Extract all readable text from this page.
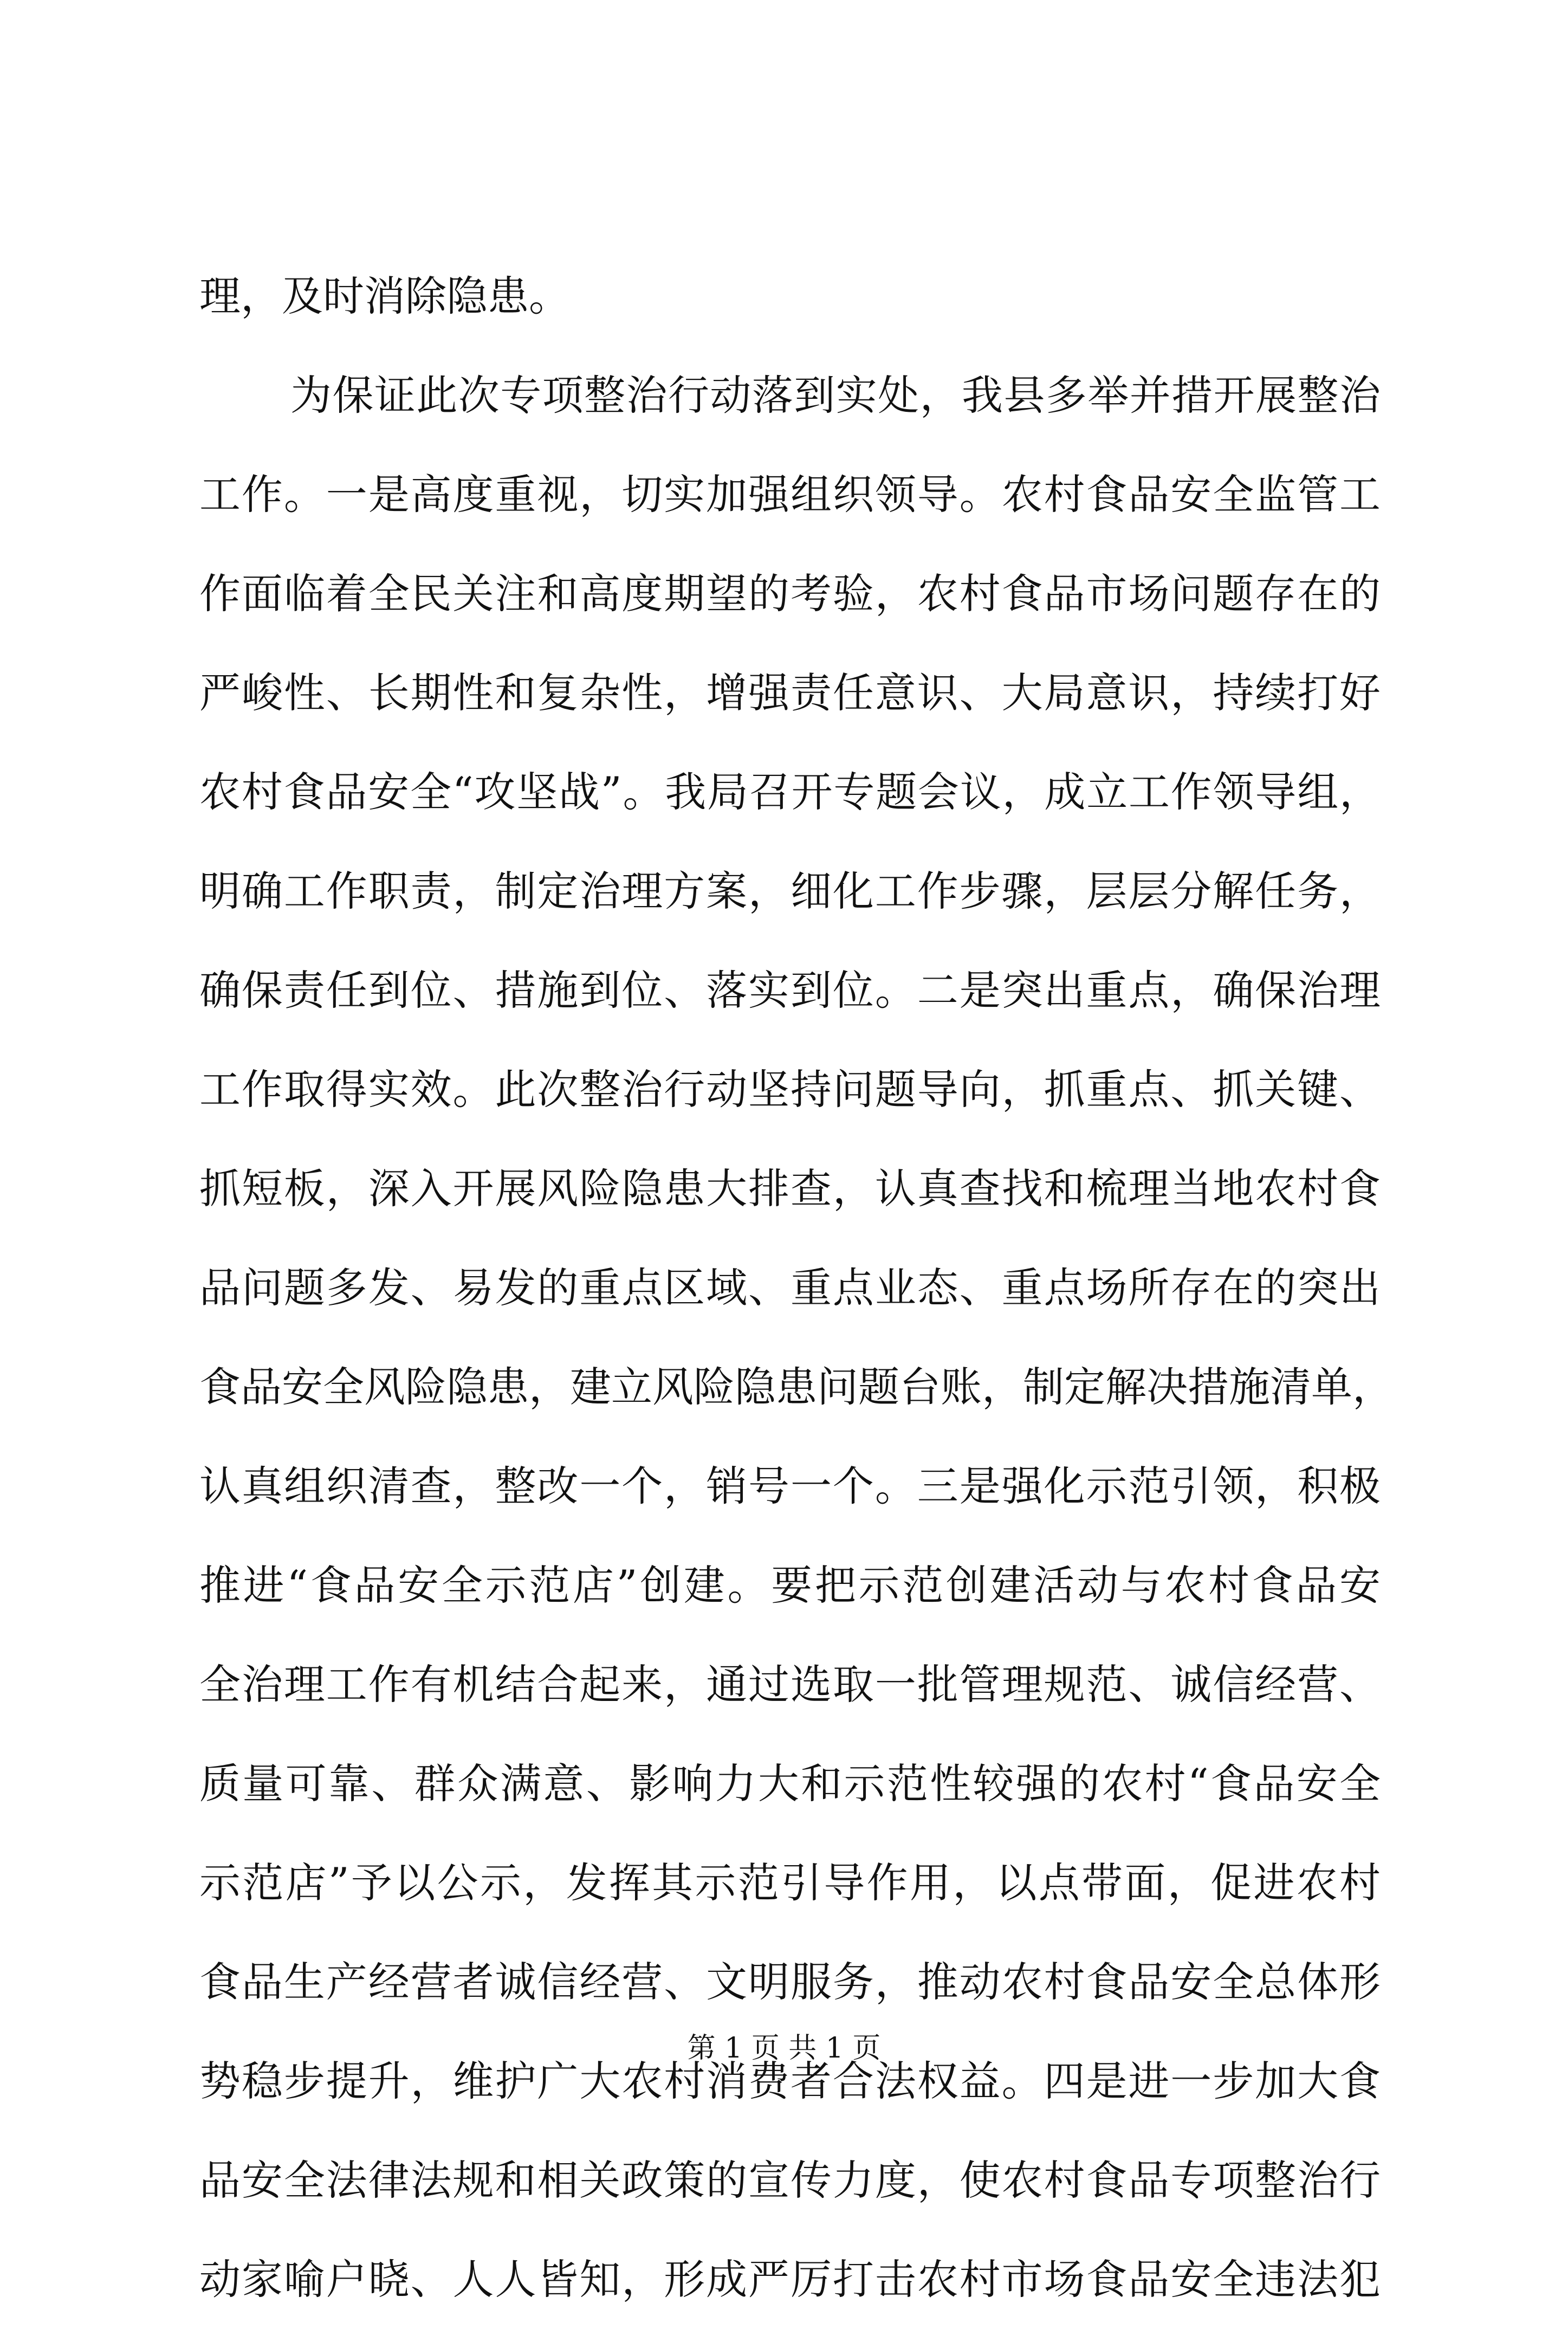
理，及时消除隐患。
为保证此次专项整治行动落到实处，我县多举并措开展整治
工作。一是高度重视，切实加强组织领导。农村食品安全监管工
作面临着全民关注和高度期望的考验，农村食品市场问题存在的
严峻性、长期性和复杂性，增强责任意识、大局意识，持续打好
农村食品安全“攻坚战”。我局召开专题会议，成立工作领导组，
明确工作职责，制定治理方案，细化工作步骤，层层分解任务，
确保责任到位、措施到位、落实到位。二是突出重点，确保治理
工作取得实效。此次整治行动坚持问题导向，抓重点、抓关键、
抓短板，深入开展风险隐患大排查，认真查找和梳理当地农村食
品问题多发、易发的重点区域、重点业态、重点场所存在的突出
食品安全风险隐患，建立风险隐患问题台账，制定解决措施清单，
认真组织清查，整改一个，销号一个。三是强化示范引领，积极
推进“食品安全示范店”创建。要把示范创建活动与农村食品安
全治理工作有机结合起来，通过选取一批管理规范、诚信经营、
质量可靠、群众满意、影响力大和示范性较强的农村“食品安全
示范店”予以公示，发挥其示范引导作用，以点带面，促进农村
食品生产经营者诚信经营、文明服务，推动农村食品安全总体形
势稳步提升，维护广大农村消费者合法权益。四是进一步加大食
品安全法律法规和相关政策的宣传力度，使农村食品专项整治行
动家喻户晓、人人皆知，形成严厉打击农村市场食品安全违法犯
第 1 页 共 1 页
